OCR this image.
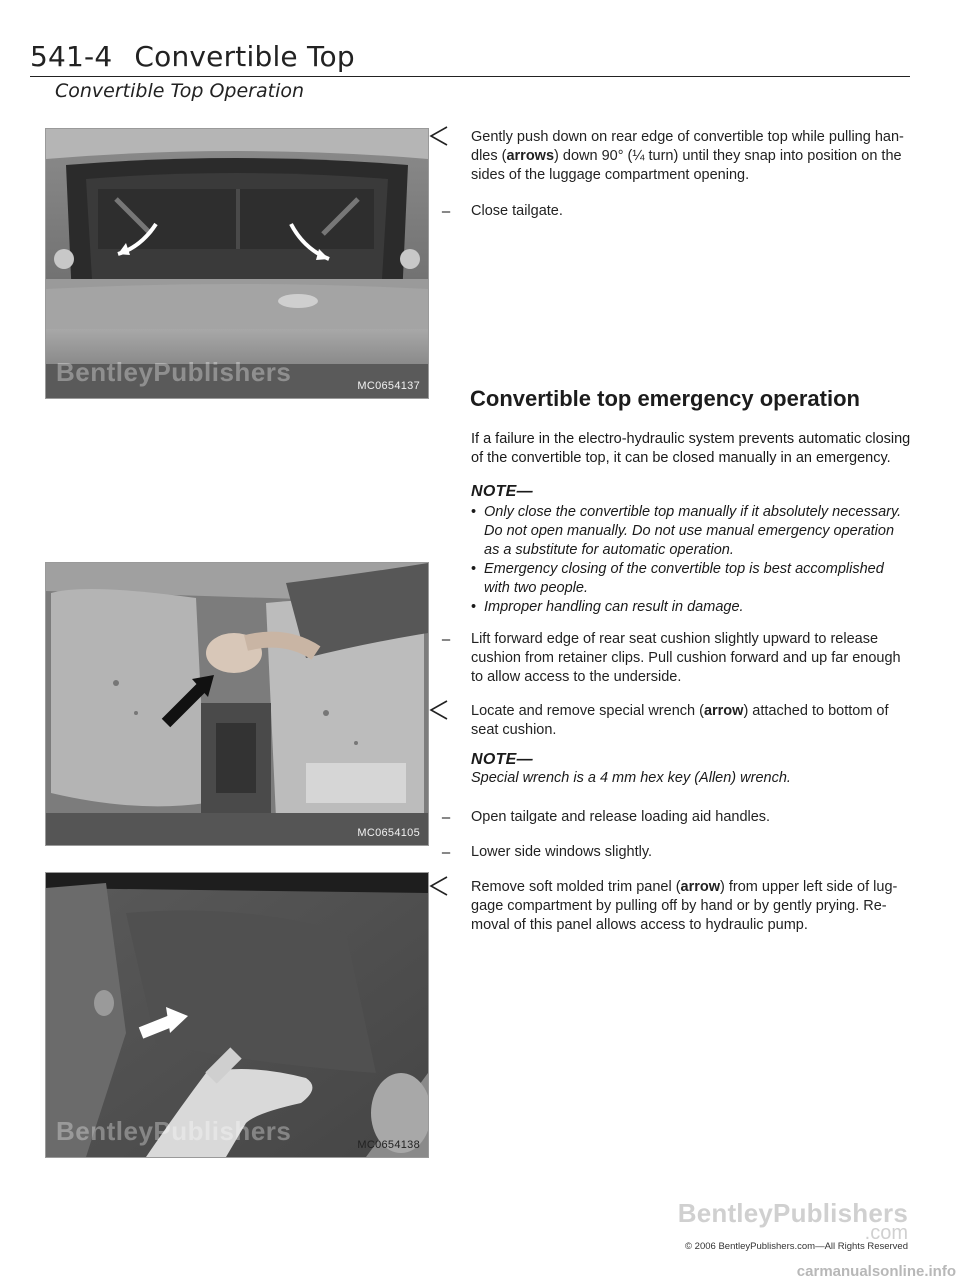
541-4 Convertible Top
Convertible Top Operation
BentleyPublishers	MC0654137
MC0654105
BentleyPublishers	MC0654138

Gently push down on rear edge of convertible top while pulling han-dles (arrows) down 90° (¼ turn) until they snap into position on the sides of the luggage compartment opening.

–	Close tailgate.

Convertible top emergency operation

If a failure in the electro-hydraulic system prevents automatic closing of the convertible top, it can be closed manually in an emergency.

NOTE—
• Only close the convertible top manually if it absolutely necessary. Do not open manually. Do not use manual emergency operation as a substitute for automatic operation.
• Emergency closing of the convertible top is best accomplished with two people.
• Improper handling can result in damage.

–	Lift forward edge of rear seat cushion slightly upward to release cushion from retainer clips. Pull cushion forward and up far enough to allow access to the underside.

Locate and remove special wrench (arrow) attached to bottom of seat cushion.

NOTE—
Special wrench is a 4 mm hex key (Allen) wrench.

–	Open tailgate and release loading aid handles.

–	Lower side windows slightly.

Remove soft molded trim panel (arrow) from upper left side of lug-gage compartment by pulling off by hand or by gently prying. Re-moval of this panel allows access to hydraulic pump.

BentleyPublishers
.com
© 2006 BentleyPublishers.com—All Rights Reserved
carmanualsonline.info
